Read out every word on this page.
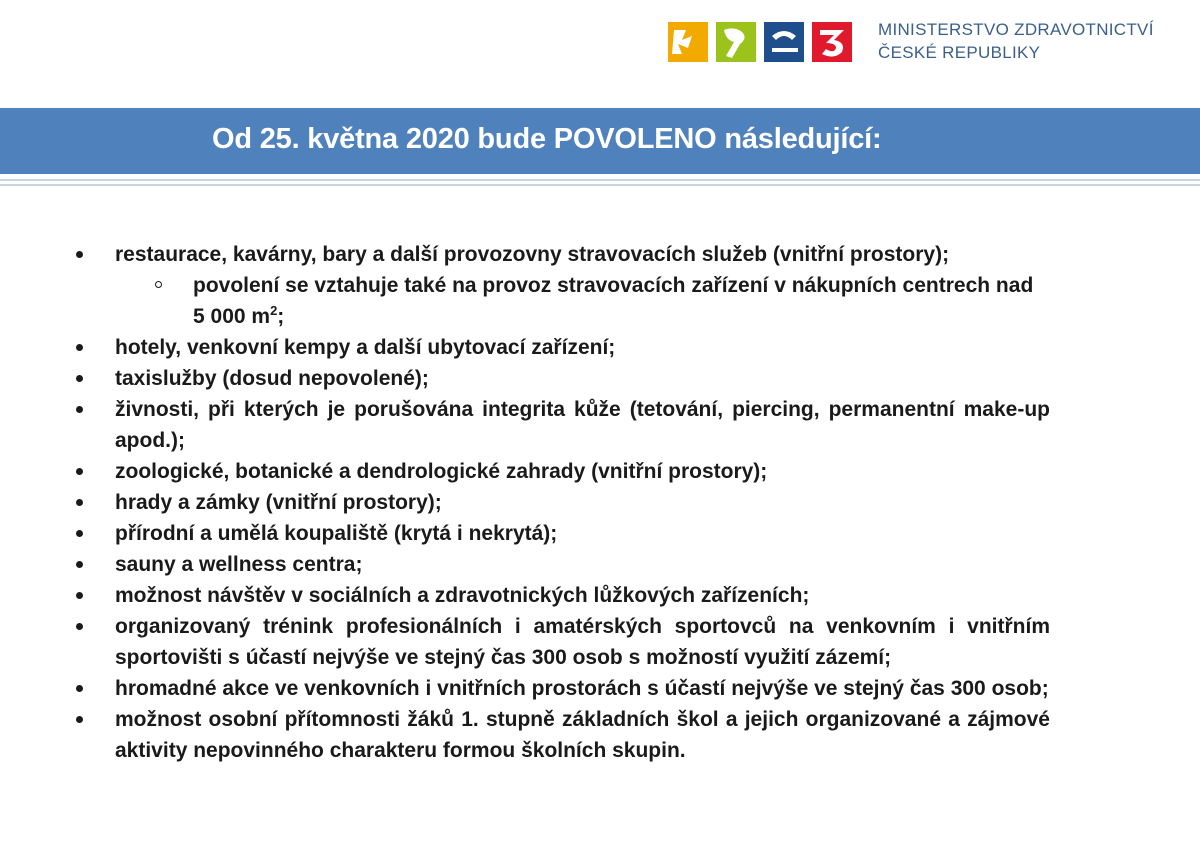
MINISTERSTVO ZDRAVOTNICTVÍ
ČESKÉ REPUBLIKY
Od 25. května 2020 bude POVOLENO následující:
restaurace, kavárny, bary a další provozovny stravovacích služeb (vnitřní prostory);
povolení se vztahuje také na provoz stravovacích zařízení v nákupních centrech nad 5 000 $m^2$;
hotely, venkovní kempy a další ubytovací zařízení;
taxislužby (dosud nepovolené);
živnosti, při kterých je porušována integrita kůže (tetování, piercing, permanentní make-up apod.);
zoologické, botanické a dendrologické zahrady (vnitřní prostory);
hrady a zámky (vnitřní prostory);
přírodní a umělá koupaliště (krytá i nekrytá);
sauny a wellness centra;
možnost návštěv v sociálních a zdravotnických lůžkových zařízeních;
organizovaný trénink profesionálních i amatérských sportovců na venkovním i vnitřním sportovišti s účastí nejvýše ve stejný čas 300 osob s možností využití zázemí;
hromadné akce ve venkovních i vnitřních prostorách s účastí nejvýše ve stejný čas 300 osob;
možnost osobní přítomnosti žáků 1. stupně základních škol a jejich organizované a zájmové aktivity nepovinného charakteru formou školních skupin.
